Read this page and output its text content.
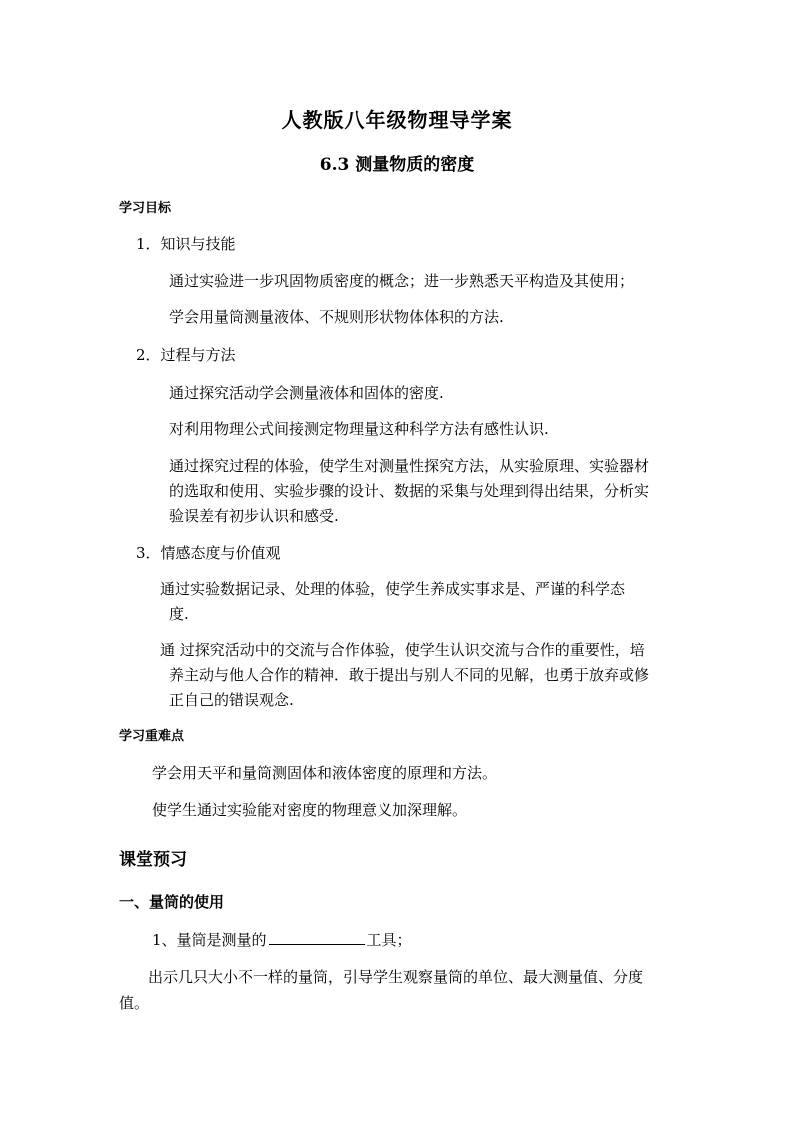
人教版八年级物理导学案
6.3 测量物质的密度
学习目标
1．知识与技能
通过实验进一步巩固物质密度的概念；进一步熟悉天平构造及其使用；
学会用量筒测量液体、不规则形状物体体积的方法.
2．过程与方法
通过探究活动学会测量液体和固体的密度.
对利用物理公式间接测定物理量这种科学方法有感性认识.
通过探究过程的体验，使学生对测量性探究方法，从实验原理、实验器材
的选取和使用、实验步骤的设计、数据的采集与处理到得出结果，分析实
验误差有初步认识和感受.
3．情感态度与价值观
通过实验数据记录、处理的体验，使学生养成实事求是、严谨的科学态
度.
通 过探究活动中的交流与合作体验，使学生认识交流与合作的重要性，培
养主动与他人合作的精神．敢于提出与别人不同的见解，也勇于放弃或修
正自己的错误观念.
学习重难点
学会用天平和量筒测固体和液体密度的原理和方法。
使学生通过实验能对密度的物理意义加深理解。
课堂预习
一、量筒的使用
1、量筒是测量的	工具；
出示几只大小不一样的量筒，引导学生观察量筒的单位、最大测量值、分度
值。
